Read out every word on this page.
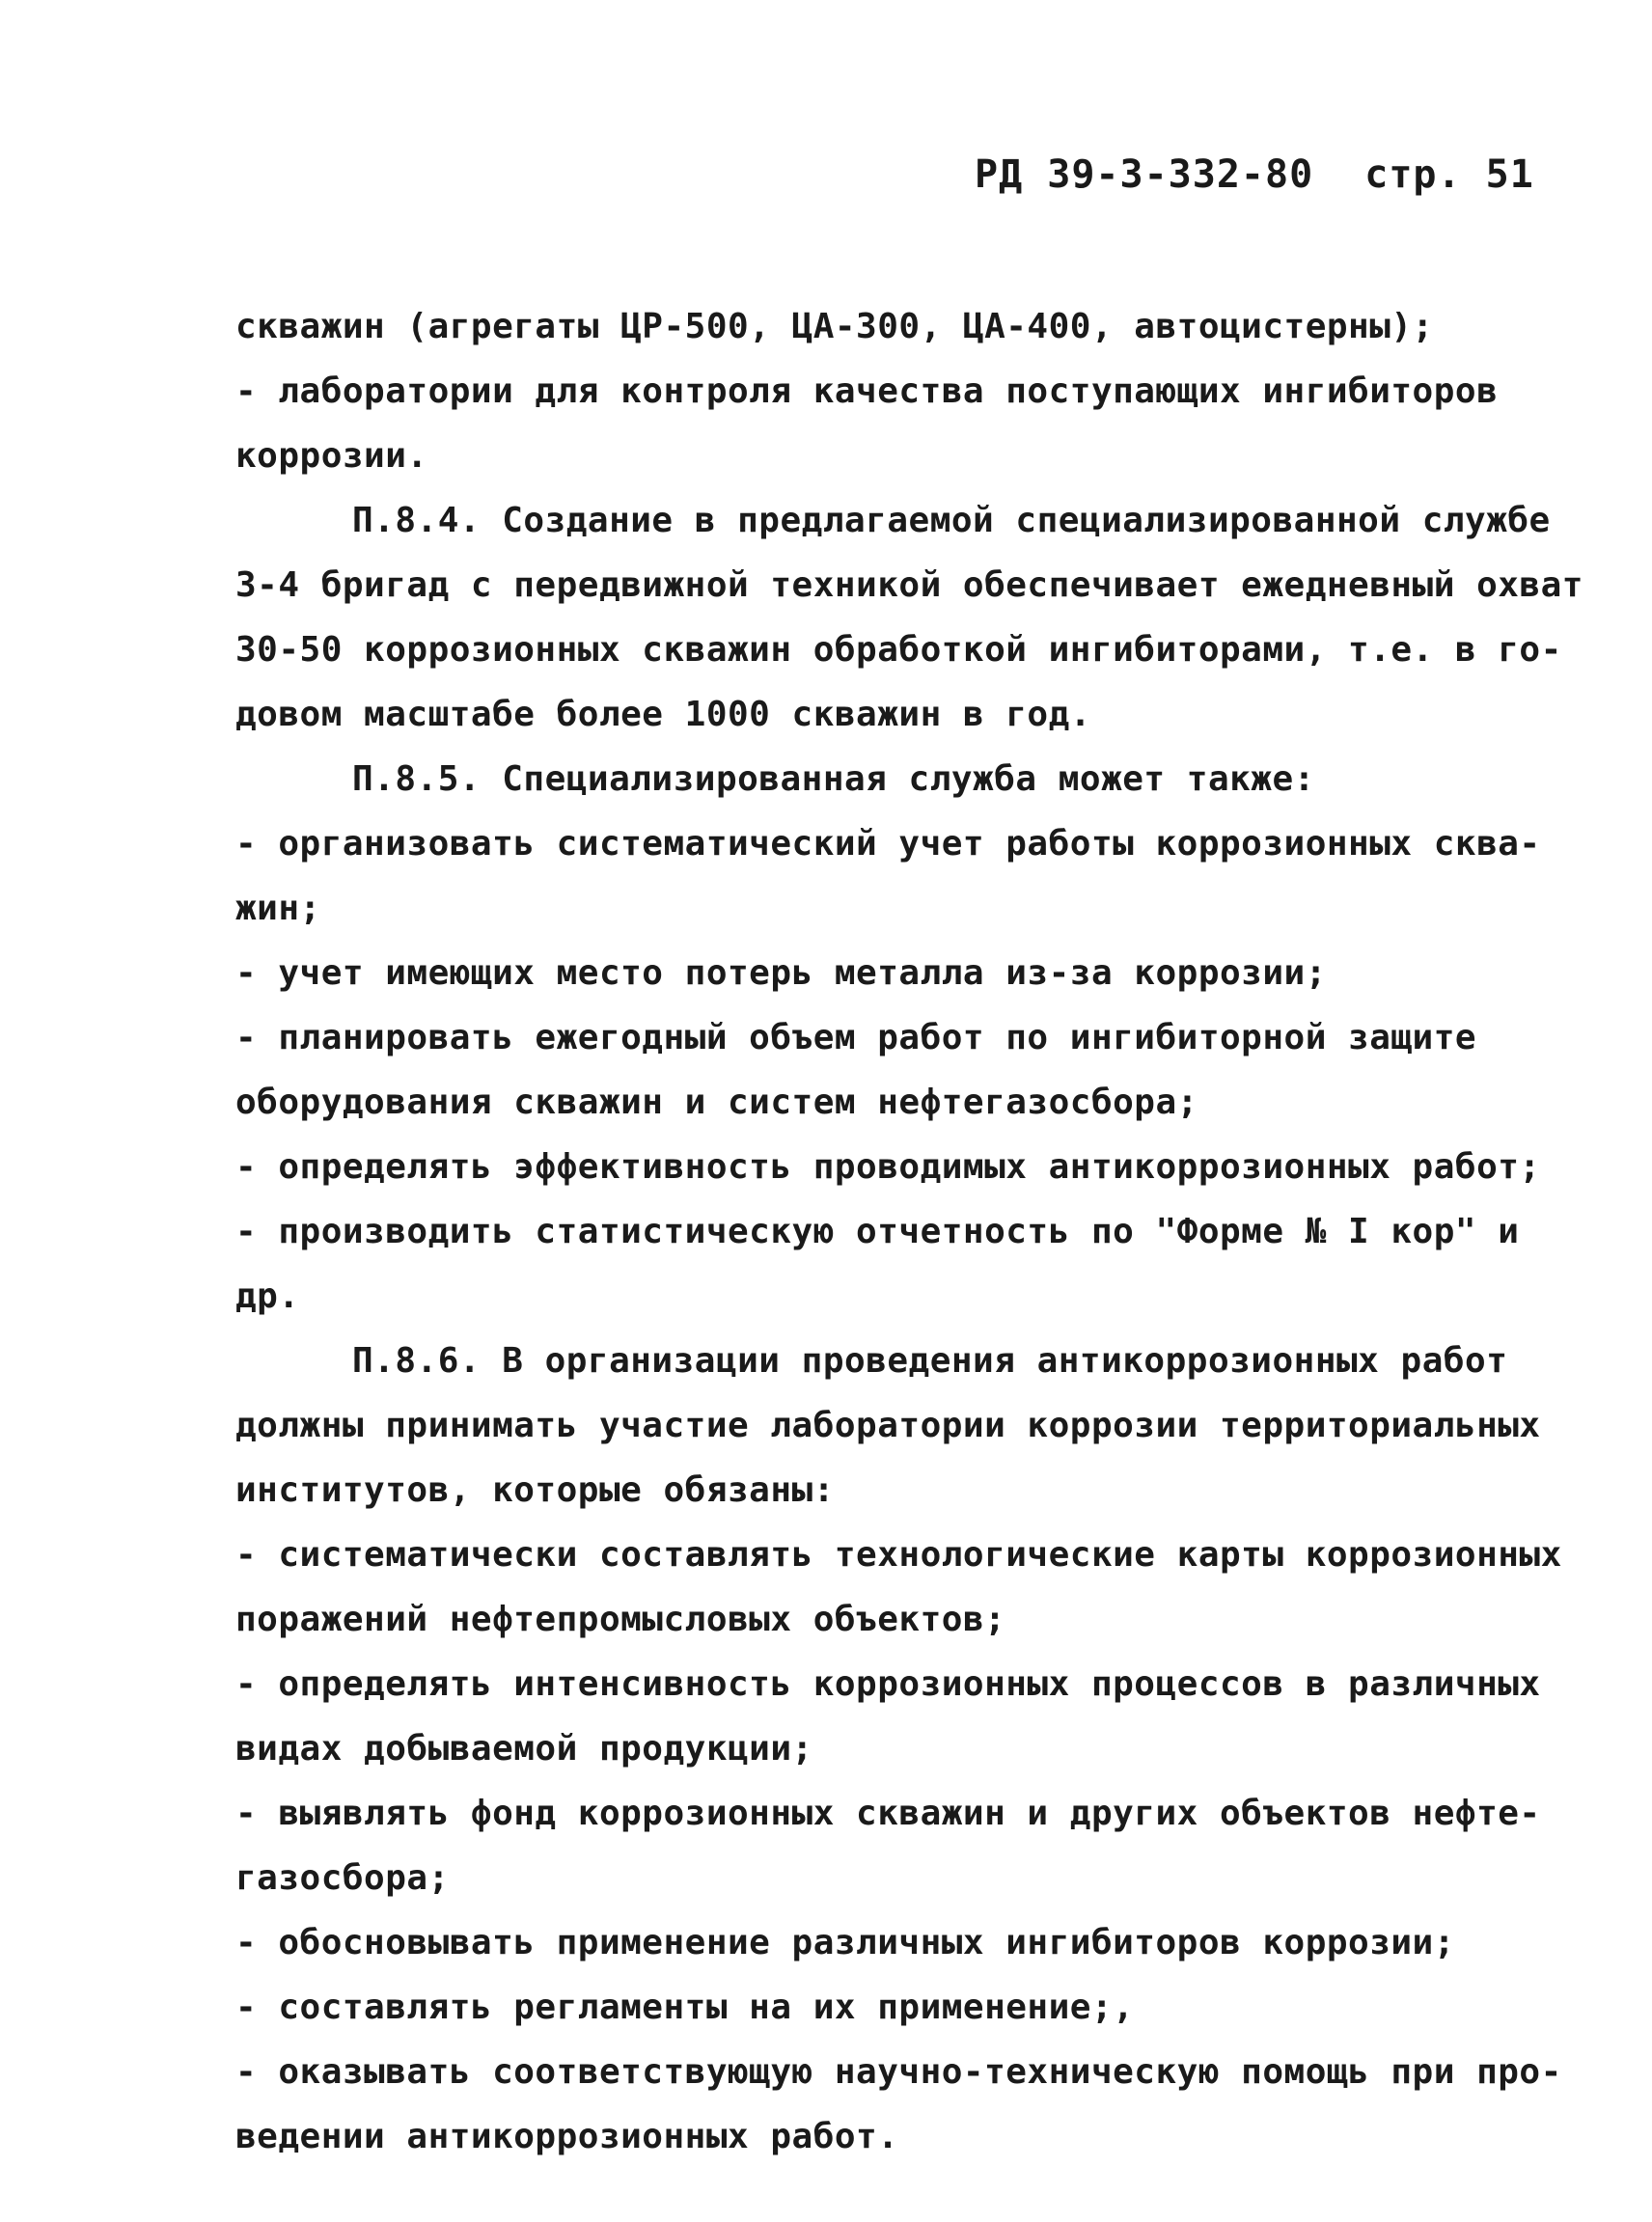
РД 39-3-332-80 стр. 51
скважин (агрегаты ЦР-500, ЦА-300, ЦА-400, автоцистерны);
- лаборатории для контроля качества поступающих ингибиторов
коррозии.
П.8.4. Создание в предлагаемой специализированной службе
3-4 бригад с передвижной техникой обеспечивает ежедневный охват
30-50 коррозионных скважин обработкой ингибиторами, т.е. в го-
довом масштабе более 1000 скважин в год.
П.8.5. Специализированная служба может также:
- организовать систематический учет работы коррозионных сква-
жин;
- учет имеющих место потерь металла из-за коррозии;
- планировать ежегодный объем работ по ингибиторной защите
оборудования скважин и систем нефтегазосбора;
- определять эффективность проводимых антикоррозионных работ;
- производить статистическую отчетность по "Форме № I кор" и
др.
П.8.6. В организации проведения антикоррозионных работ
должны принимать участие лаборатории коррозии территориальных
институтов, которые обязаны:
- систематически составлять технологические карты коррозионных
поражений нефтепромысловых объектов;
- определять интенсивность коррозионных процессов в различных
видах добываемой продукции;
- выявлять фонд коррозионных скважин и других объектов нефте-
газосбора;
- обосновывать применение различных ингибиторов коррозии;
- составлять регламенты на их применение;,
- оказывать соответствующую научно-техническую помощь при про-
ведении антикоррозионных работ.
